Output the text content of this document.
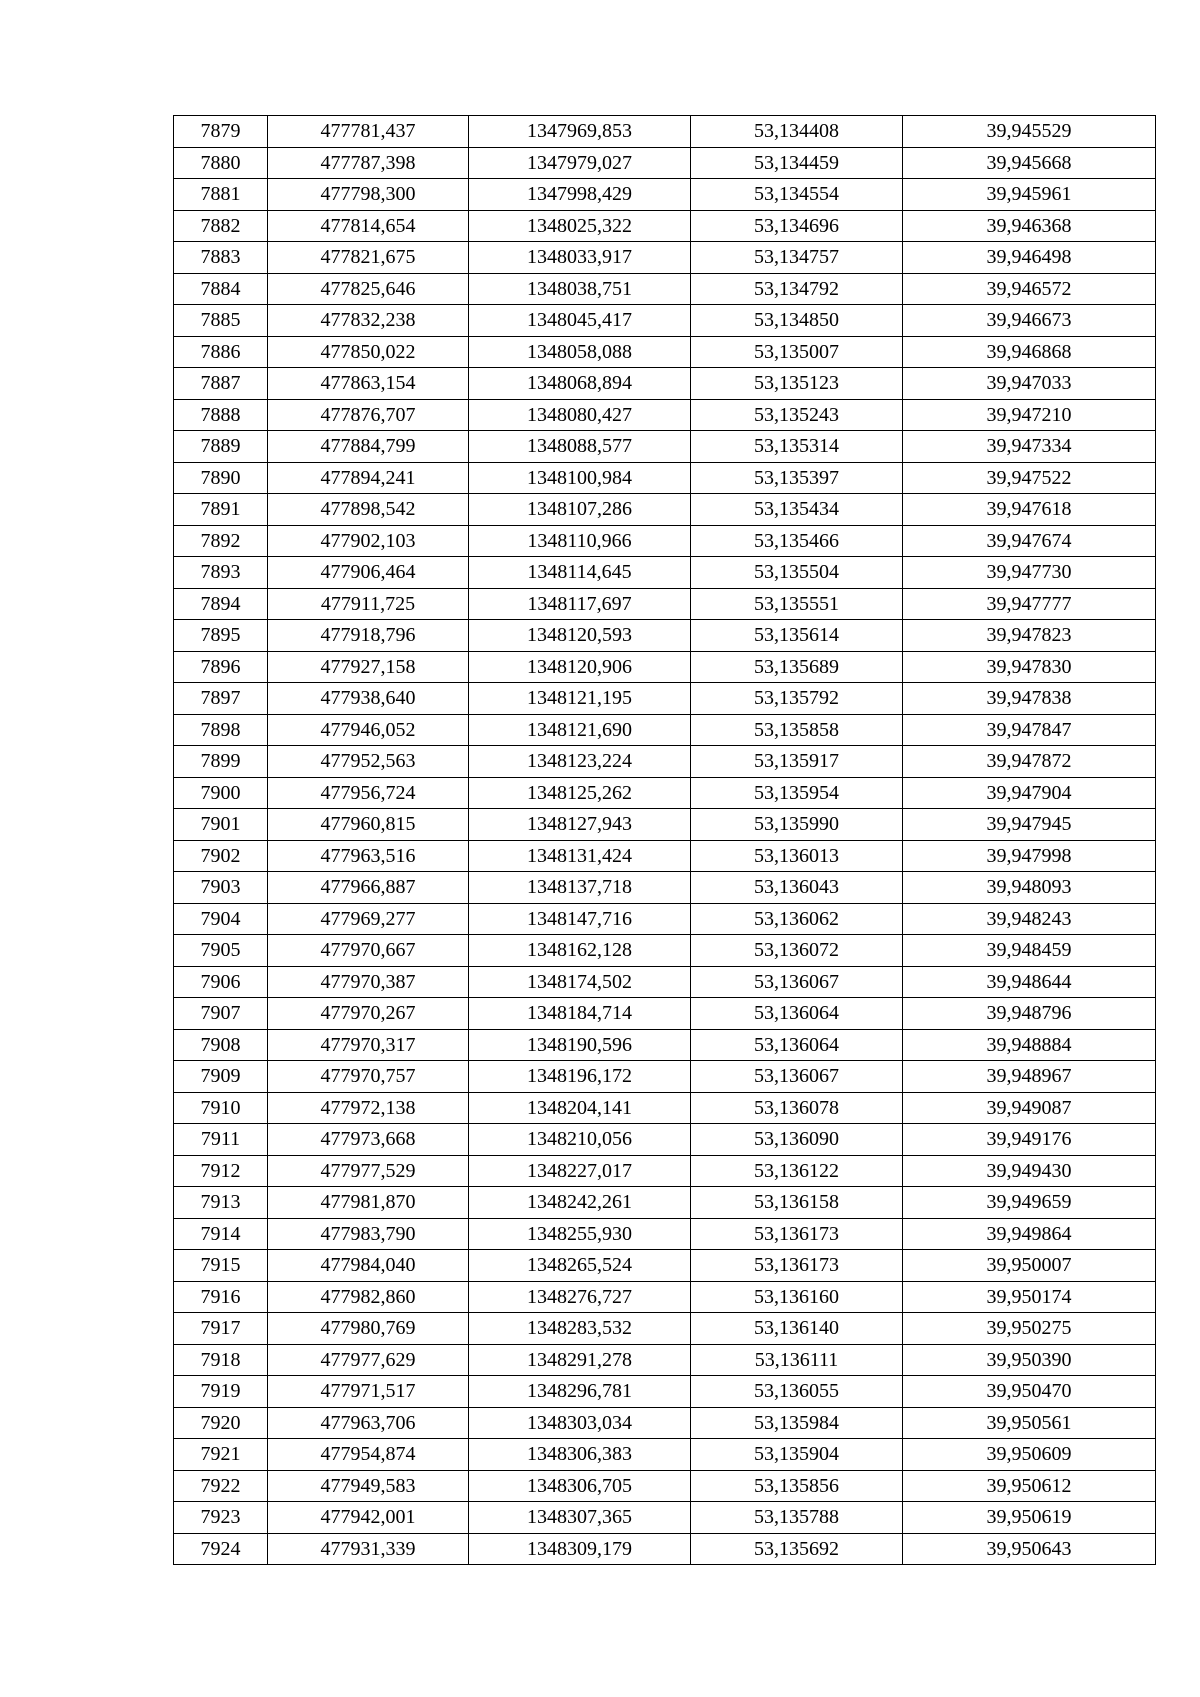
7879	477781,437	1347969,853	53,134408	39,945529
7880	477787,398	1347979,027	53,134459	39,945668
7881	477798,300	1347998,429	53,134554	39,945961
7882	477814,654	1348025,322	53,134696	39,946368
7883	477821,675	1348033,917	53,134757	39,946498
7884	477825,646	1348038,751	53,134792	39,946572
7885	477832,238	1348045,417	53,134850	39,946673
7886	477850,022	1348058,088	53,135007	39,946868
7887	477863,154	1348068,894	53,135123	39,947033
7888	477876,707	1348080,427	53,135243	39,947210
7889	477884,799	1348088,577	53,135314	39,947334
7890	477894,241	1348100,984	53,135397	39,947522
7891	477898,542	1348107,286	53,135434	39,947618
7892	477902,103	1348110,966	53,135466	39,947674
7893	477906,464	1348114,645	53,135504	39,947730
7894	477911,725	1348117,697	53,135551	39,947777
7895	477918,796	1348120,593	53,135614	39,947823
7896	477927,158	1348120,906	53,135689	39,947830
7897	477938,640	1348121,195	53,135792	39,947838
7898	477946,052	1348121,690	53,135858	39,947847
7899	477952,563	1348123,224	53,135917	39,947872
7900	477956,724	1348125,262	53,135954	39,947904
7901	477960,815	1348127,943	53,135990	39,947945
7902	477963,516	1348131,424	53,136013	39,947998
7903	477966,887	1348137,718	53,136043	39,948093
7904	477969,277	1348147,716	53,136062	39,948243
7905	477970,667	1348162,128	53,136072	39,948459
7906	477970,387	1348174,502	53,136067	39,948644
7907	477970,267	1348184,714	53,136064	39,948796
7908	477970,317	1348190,596	53,136064	39,948884
7909	477970,757	1348196,172	53,136067	39,948967
7910	477972,138	1348204,141	53,136078	39,949087
7911	477973,668	1348210,056	53,136090	39,949176
7912	477977,529	1348227,017	53,136122	39,949430
7913	477981,870	1348242,261	53,136158	39,949659
7914	477983,790	1348255,930	53,136173	39,949864
7915	477984,040	1348265,524	53,136173	39,950007
7916	477982,860	1348276,727	53,136160	39,950174
7917	477980,769	1348283,532	53,136140	39,950275
7918	477977,629	1348291,278	53,136111	39,950390
7919	477971,517	1348296,781	53,136055	39,950470
7920	477963,706	1348303,034	53,135984	39,950561
7921	477954,874	1348306,383	53,135904	39,950609
7922	477949,583	1348306,705	53,135856	39,950612
7923	477942,001	1348307,365	53,135788	39,950619
7924	477931,339	1348309,179	53,135692	39,950643
